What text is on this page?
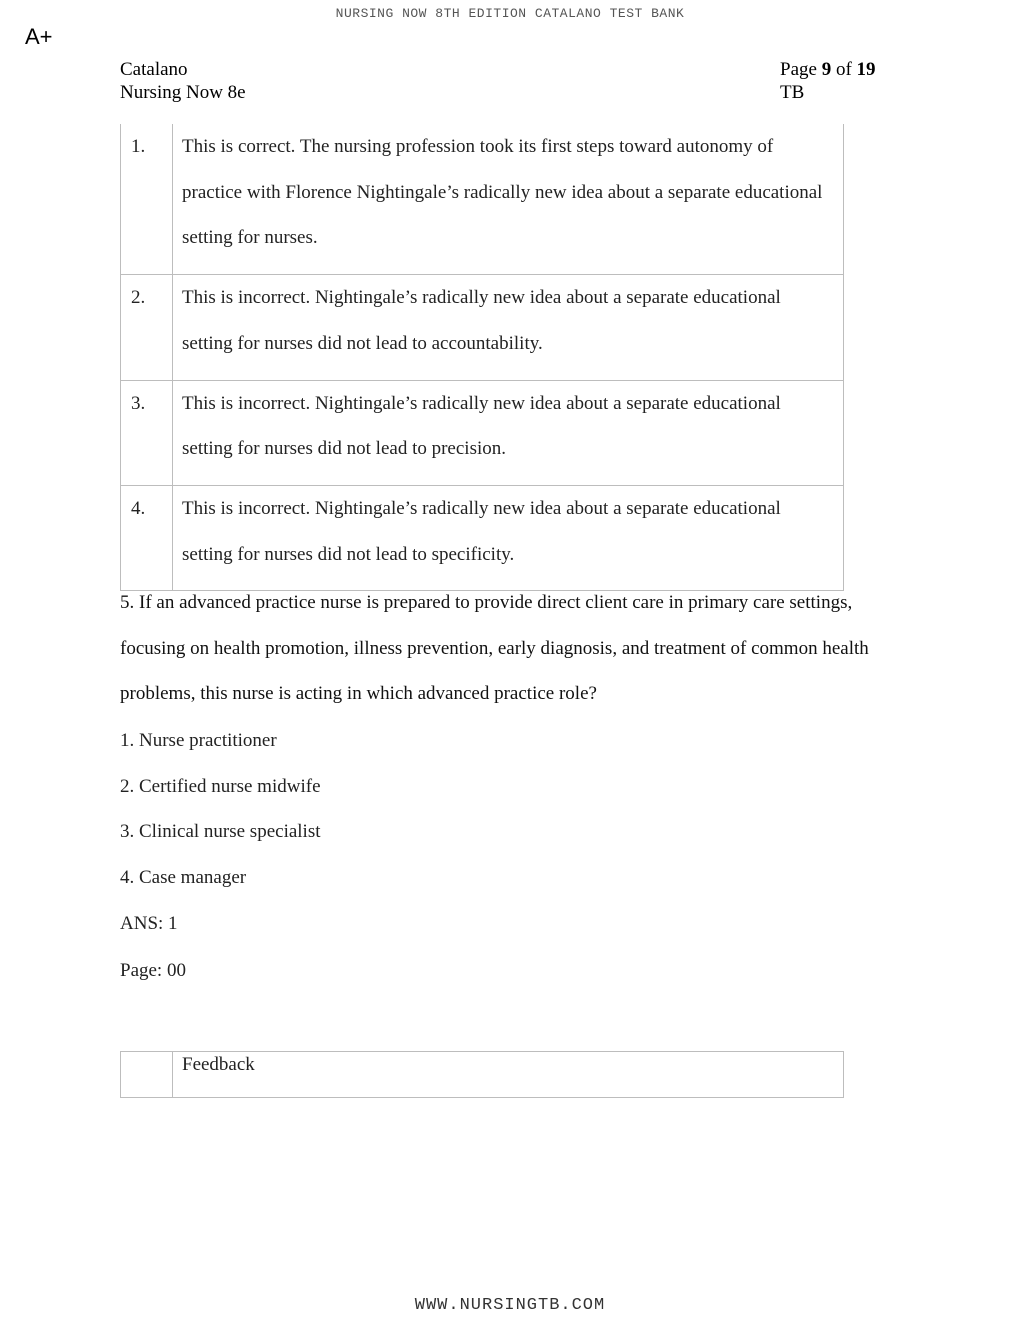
NURSING NOW 8TH EDITION CATALANO TEST BANK
A+
Catalano
Nursing Now 8e
Page 9 of 19
TB
1.	This is correct. The nursing profession took its first steps toward autonomy of practice with Florence Nightingale’s radically new idea about a separate educational setting for nurses.

2.	This is incorrect. Nightingale’s radically new idea about a separate educational setting for nurses did not lead to accountability.

3.	This is incorrect. Nightingale’s radically new idea about a separate educational setting for nurses did not lead to precision.

4.	This is incorrect. Nightingale’s radically new idea about a separate educational setting for nurses did not lead to specificity.
5. If an advanced practice nurse is prepared to provide direct client care in primary care settings, focusing on health promotion, illness prevention, early diagnosis, and treatment of common health problems, this nurse is acting in which advanced practice role?
1. Nurse practitioner
2. Certified nurse midwife
3. Clinical nurse specialist
4. Case manager
ANS: 1
Page: 00
	Feedback
WWW.NURSINGTB.COM
